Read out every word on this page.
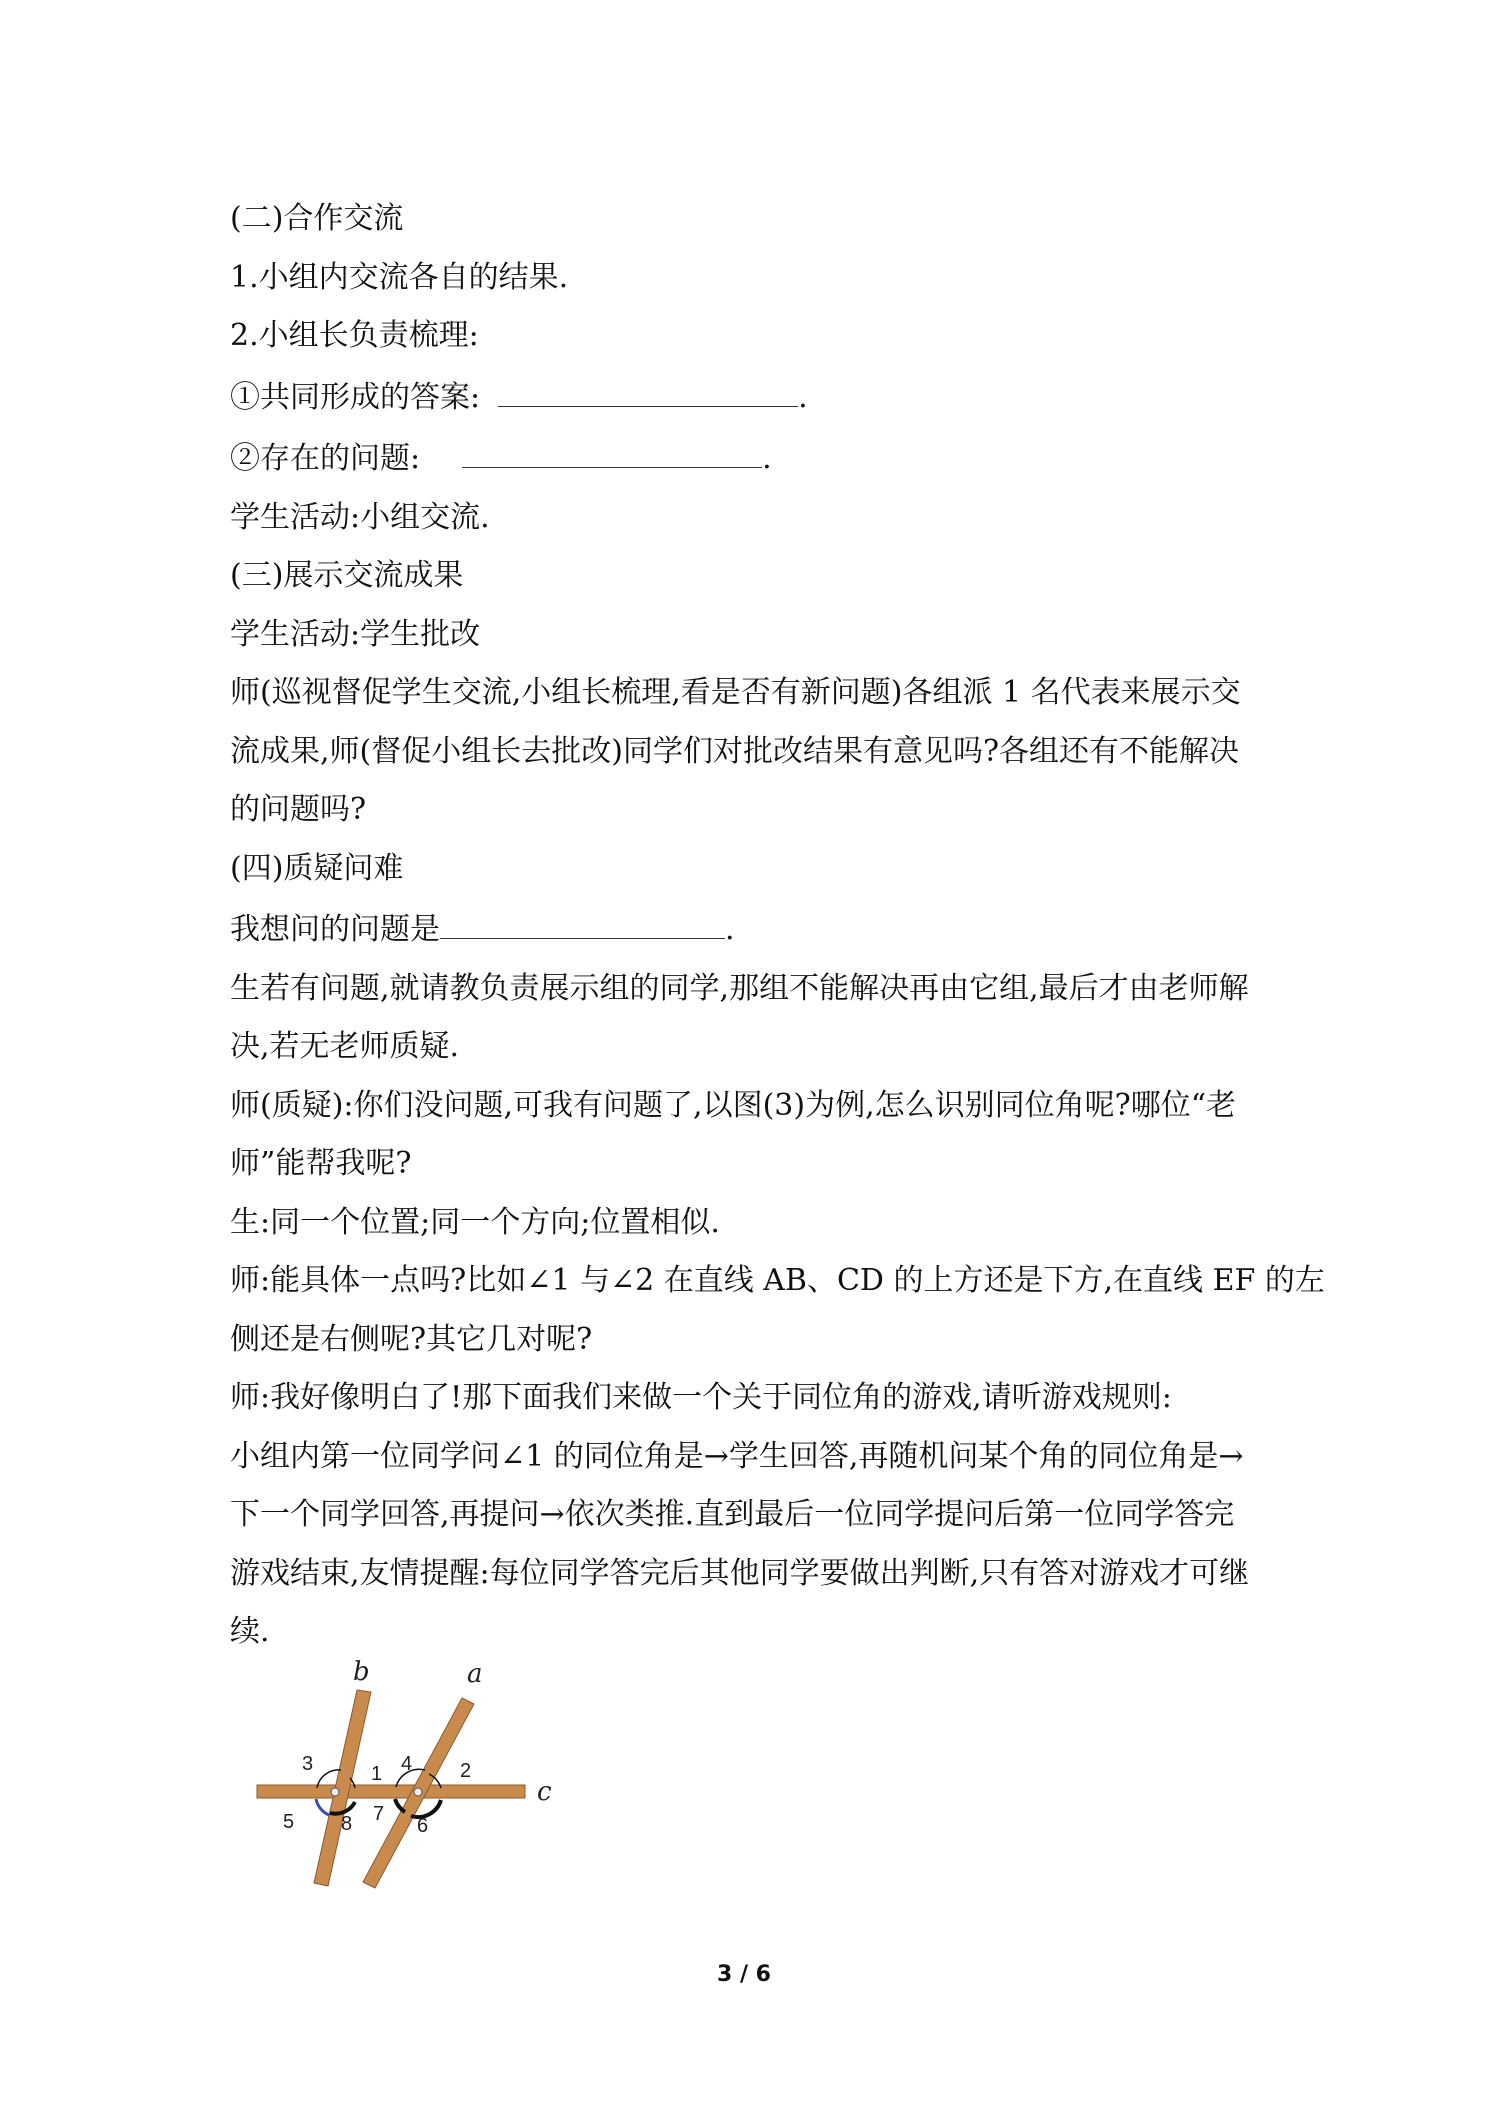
(二)合作交流
1.小组内交流各自的结果.
2.小组长负责梳理:
①共同形成的答案:	.
②存在的问题:	.
学生活动:小组交流.
(三)展示交流成果
学生活动:学生批改
师(巡视督促学生交流,小组长梳理,看是否有新问题)各组派 1 名代表来展示交
流成果,师(督促小组长去批改)同学们对批改结果有意见吗?各组还有不能解决
的问题吗?
(四)质疑问难
我想问的问题是	.
生若有问题,就请教负责展示组的同学,那组不能解决再由它组,最后才由老师解
决,若无老师质疑.
师(质疑):你们没问题,可我有问题了,以图(3)为例,怎么识别同位角呢?哪位“老
师”能帮我呢?
生:同一个位置;同一个方向;位置相似.
师:能具体一点吗?比如∠1 与∠2 在直线 AB、CD 的上方还是下方,在直线 EF 的左
侧还是右侧呢?其它几对呢?
师:我好像明白了!那下面我们来做一个关于同位角的游戏,请听游戏规则:
小组内第一位同学问∠1 的同位角是→学生回答,再随机问某个角的同位角是→
下一个同学回答,再提问→依次类推.直到最后一位同学提问后第一位同学答完
游戏结束,友情提醒:每位同学答完后其他同学要做出判断,只有答对游戏才可继
续.
b	a
c
1	2
3	4
5	6
7
8
3 / 6
